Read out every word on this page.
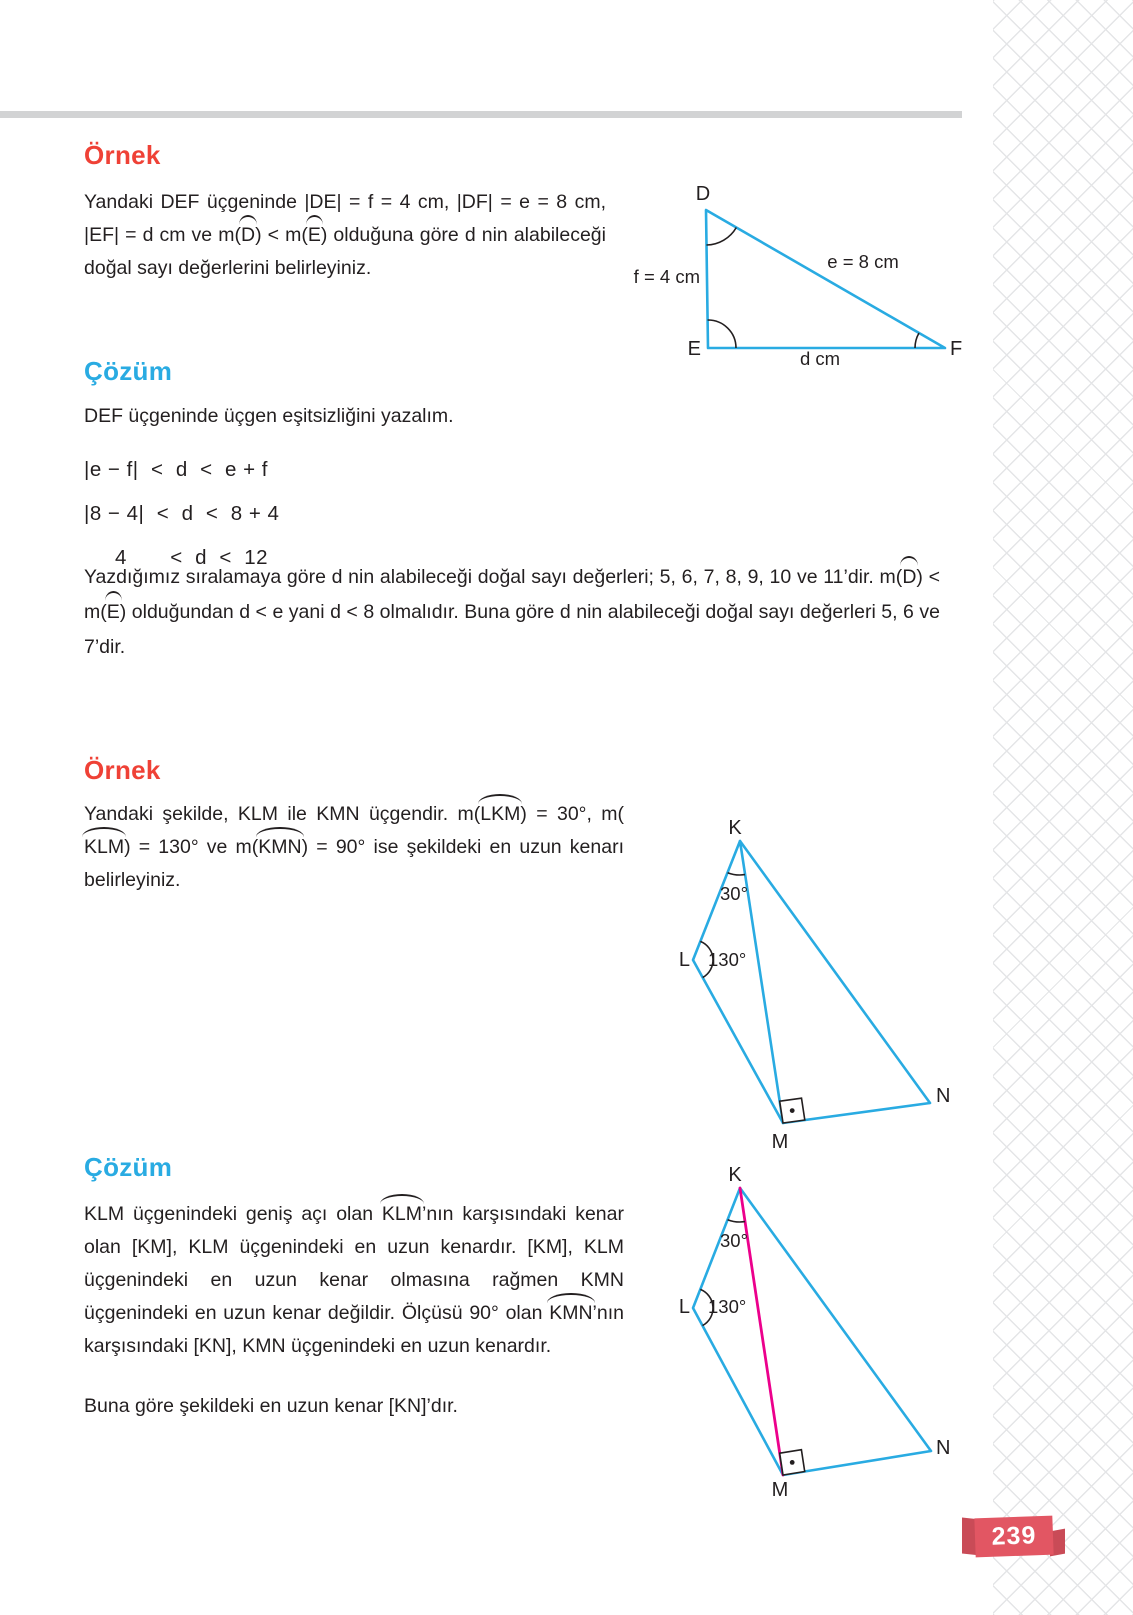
Örnek

Yandaki DEF üçgeninde |DE| = f = 4 cm, |DF| = e = 8 cm, |EF| = d cm ve m(D) < m(E) olduğuna göre d nin alabileceği doğal sayı değerlerini belirleyiniz.

D
E	F
f = 4 cm
e = 8 cm
d cm
Çözüm

DEF üçgeninde üçgen eşitsizliğini yazalım.

|e − f|  <  d  <  e + f

|8 − 4|  <  d  <  8 + 4

4       <  d  <  12

Yazdığımız sıralamaya göre d nin alabileceği doğal sayı değerleri; 5, 6, 7, 8, 9, 10 ve 11’dir. m(D) < m(E) olduğundan d < e yani d < 8 olmalıdır. Buna göre d nin alabileceği doğal sayı değerleri 5, 6 ve 7’dir.

Örnek

Yandaki şekilde, KLM ile KMN üçgendir. m(LKM) = 30°, m(KLM) = 130° ve m(KMN) = 90° ise şekildeki en uzun kenarı belirleyiniz.

K
L
M
N
30°
130°
Çözüm

KLM üçgenindeki geniş açı olan KLM’nın karşısındaki kenar olan [KM], KLM üçgenindeki en uzun kenardır. [KM], KLM üçgenindeki en uzun kenar olmasına rağmen KMN üçgenindeki en uzun kenar değildir. Ölçüsü 90° olan KMN’nın karşısındaki [KN], KMN üçgenindeki en uzun kenardır.

Buna göre şekildeki en uzun kenar [KN]’dır.

K
L
M
N
30°
130°
239
